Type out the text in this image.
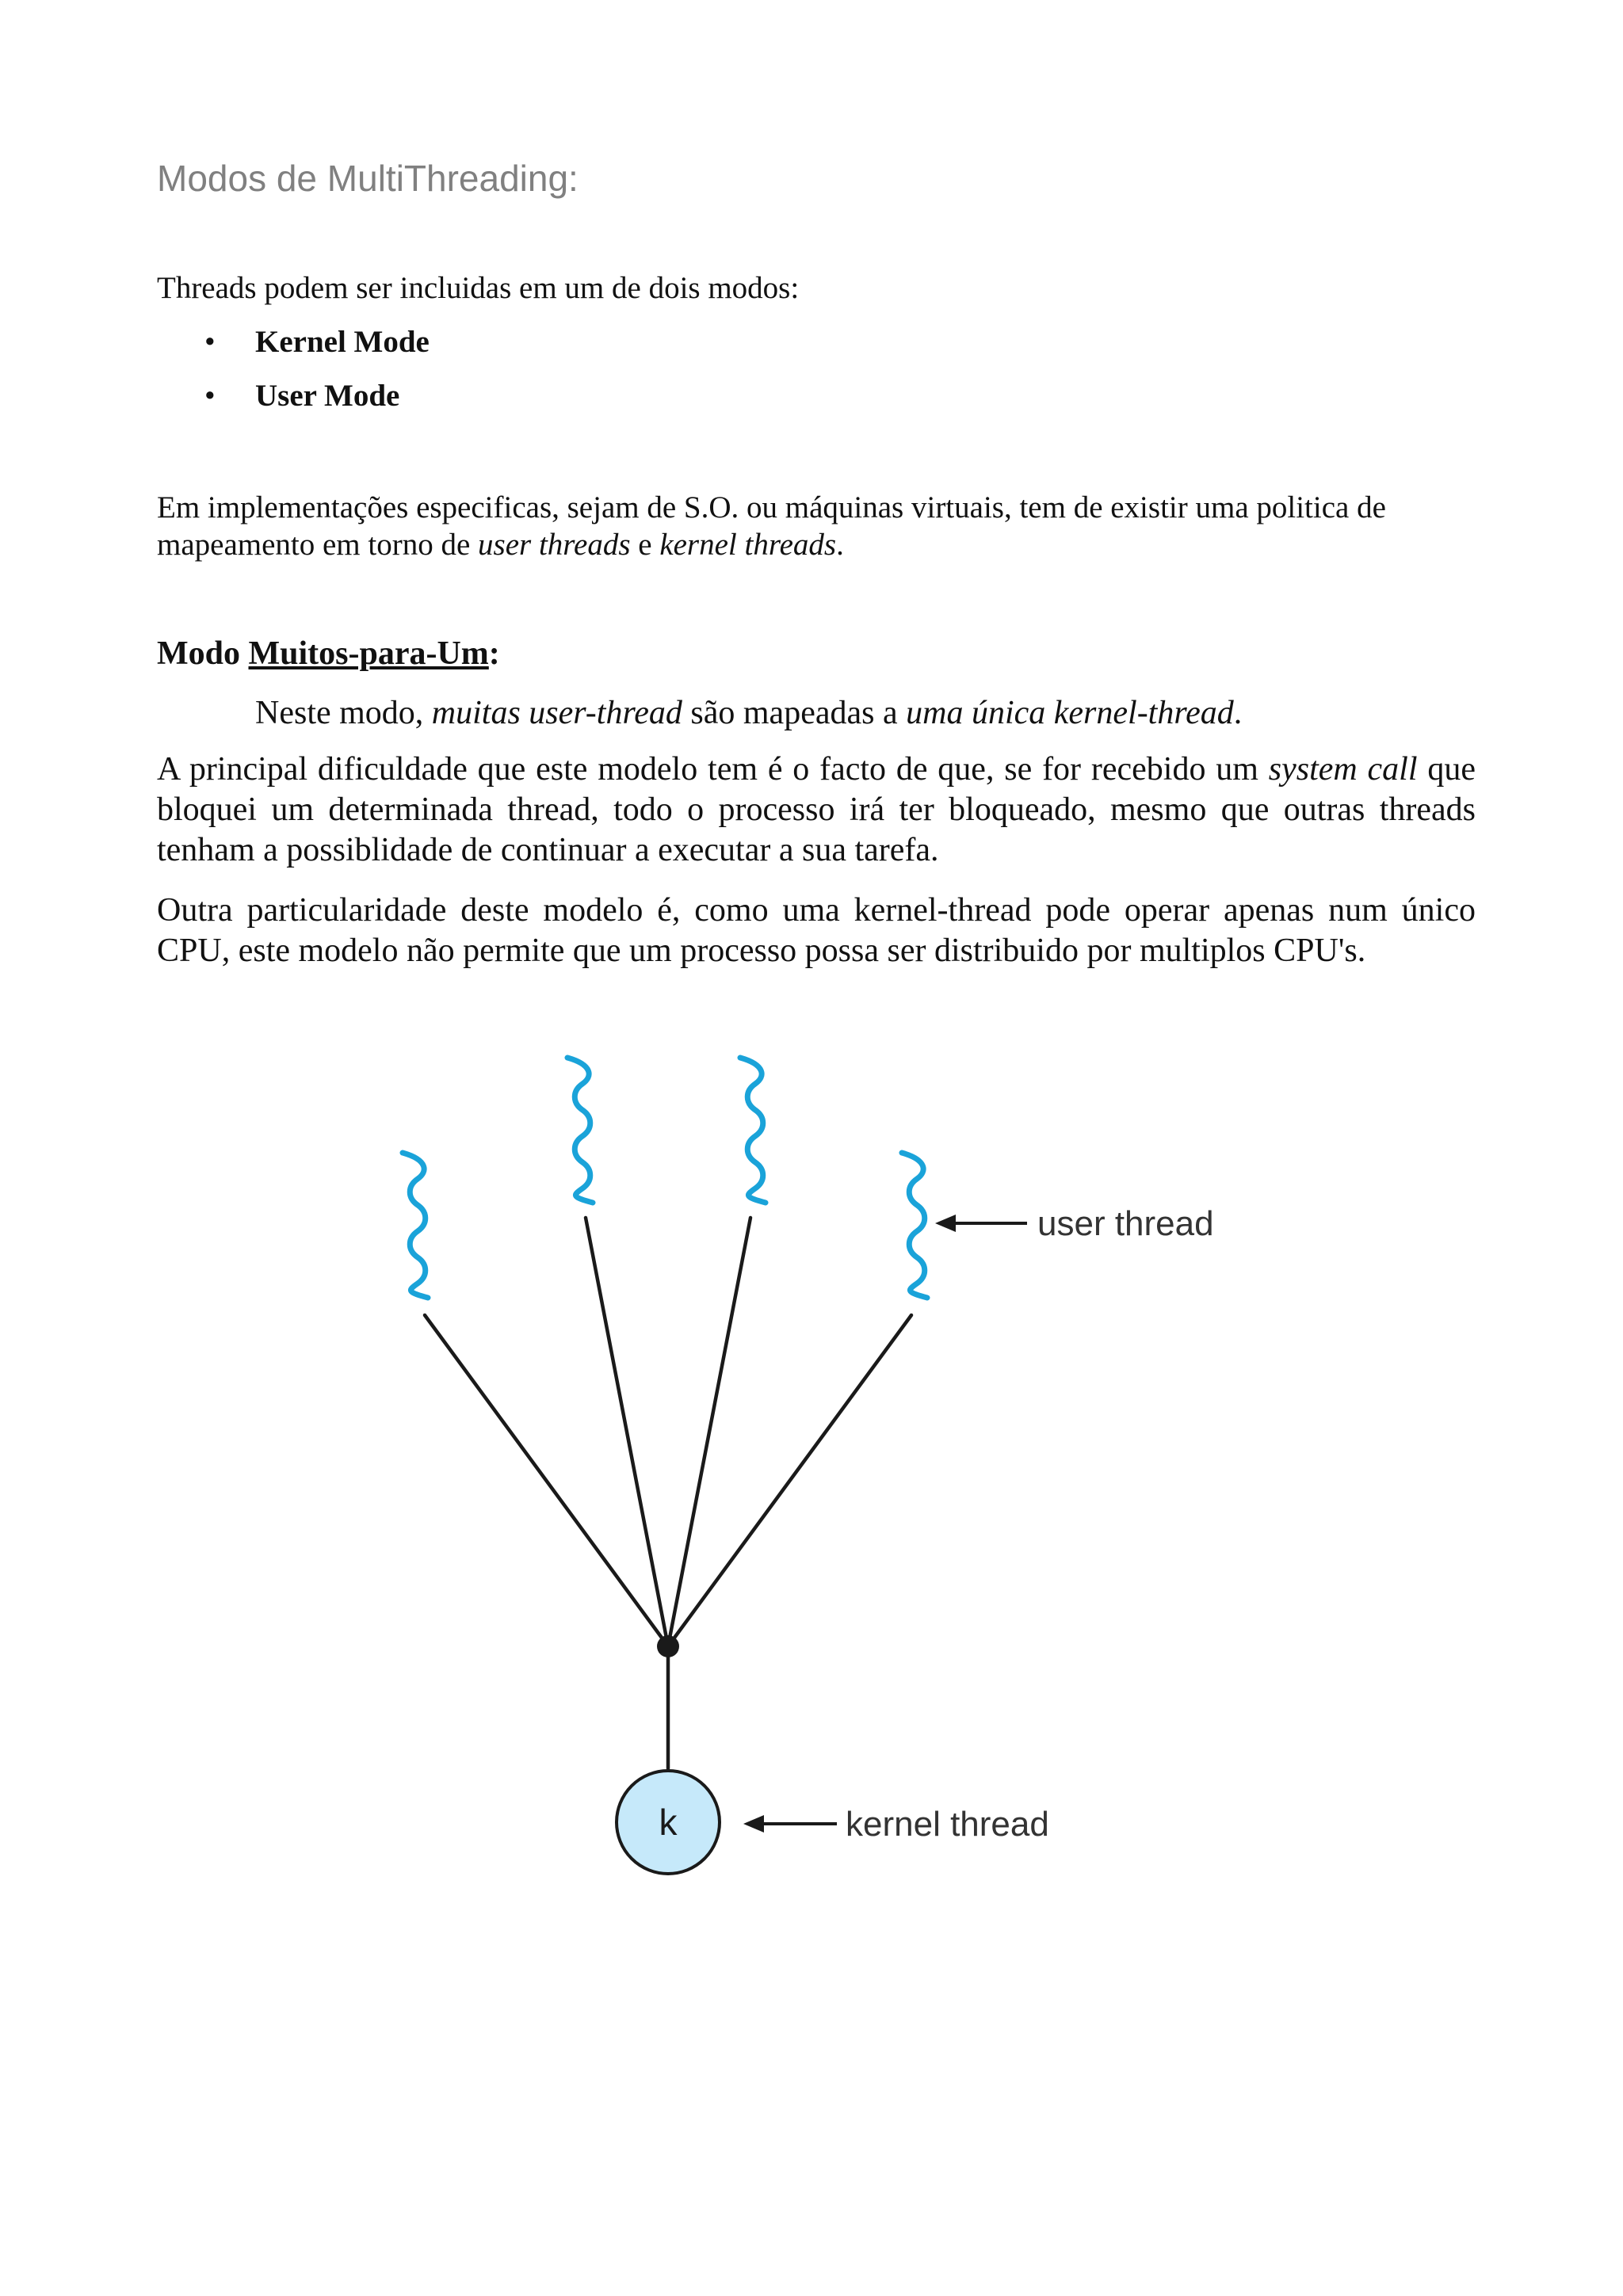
Modos de MultiThreading:

Threads podem ser incluidas em um de dois modos:

• Kernel Mode
• User Mode

Em implementações especificas, sejam de S.O. ou máquinas virtuais, tem de existir uma politica de mapeamento em torno de user threads e kernel threads.

Modo Muitos-para-Um:

Neste modo, muitas user-thread são mapeadas a uma única kernel-thread.

A principal dificuldade que este modelo tem é o facto de que, se for recebido um system call que bloquei um determinada thread, todo o processo irá ter bloqueado, mesmo que outras threads tenham a possiblidade de continuar a executar a sua tarefa.

Outra particularidade deste modelo é, como uma kernel-thread pode operar apenas num único CPU, este modelo não permite que um processo possa ser distribuido por multiplos CPU's.

k
user thread
kernel thread
